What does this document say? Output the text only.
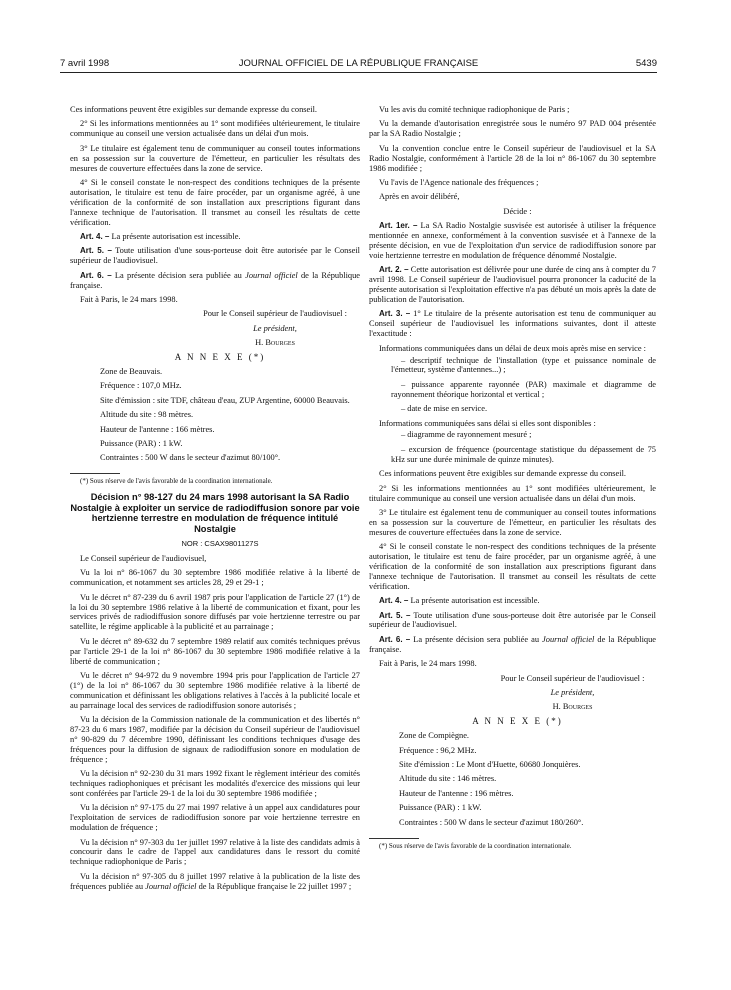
7 avril 1998	JOURNAL OFFICIEL DE LA RÉPUBLIQUE FRANÇAISE	5439

Ces informations peuvent être exigibles sur demande expresse du conseil.

2° Si les informations mentionnées au 1° sont modifiées ultérieurement, le titulaire communique au conseil une version actualisée dans un délai d'un mois.

3° Le titulaire est également tenu de communiquer au conseil toutes informations en sa possession sur la couverture de l'émetteur, en particulier les résultats des mesures de couverture effectuées dans la zone de service.

4° Si le conseil constate le non-respect des conditions techniques de la présente autorisation, le titulaire est tenu de faire procéder, par un organisme agréé, à une vérification de la conformité de son installation aux prescriptions figurant dans l'annexe technique de l'autorisation. Il transmet au conseil les résultats de cette vérification.

Art. 4. – La présente autorisation est incessible.

Art. 5. – Toute utilisation d'une sous-porteuse doit être autorisée par le Conseil supérieur de l'audiovisuel.

Art. 6. – La présente décision sera publiée au Journal officiel de la République française.

Fait à Paris, le 24 mars 1998.

Pour le Conseil supérieur de l'audiovisuel :

Le président,

H. Bourges

A N N E X E (*)

Zone de Beauvais.

Fréquence : 107,0 MHz.

Site d'émission : site TDF, château d'eau, ZUP Argentine, 60000 Beauvais.

Altitude du site : 98 mètres.

Hauteur de l'antenne : 166 mètres.

Puissance (PAR) : 1 kW.

Contraintes : 500 W dans le secteur d'azimut 80/100°.

(*) Sous réserve de l'avis favorable de la coordination internationale.

Décision n° 98-127 du 24 mars 1998 autorisant la SA Radio Nostalgie à exploiter un service de radiodiffusion sonore par voie hertzienne terrestre en modulation de fréquence intitulé Nostalgie

NOR : CSAX9801127S

Le Conseil supérieur de l'audiovisuel,

Vu la loi n° 86-1067 du 30 septembre 1986 modifiée relative à la liberté de communication, et notamment ses articles 28, 29 et 29-1 ;

Vu le décret n° 87-239 du 6 avril 1987 pris pour l'application de l'article 27 (1°) de la loi du 30 septembre 1986 relative à la liberté de communication et fixant, pour les services privés de radiodiffusion sonore diffusés par voie hertzienne terrestre ou par satellite, le régime applicable à la publicité et au parrainage ;

Vu le décret n° 89-632 du 7 septembre 1989 relatif aux comités techniques prévus par l'article 29-1 de la loi n° 86-1067 du 30 septembre 1986 modifiée relative à la liberté de communication ;

Vu le décret n° 94-972 du 9 novembre 1994 pris pour l'application de l'article 27 (1°) de la loi n° 86-1067 du 30 septembre 1986 modifiée relative à la liberté de communication et définissant les obligations relatives à l'accès à la publicité locale et au parrainage local des services de radiodiffusion sonore autorisés ;

Vu la décision de la Commission nationale de la communication et des libertés n° 87-23 du 6 mars 1987, modifiée par la décision du Conseil supérieur de l'audiovisuel n° 90-829 du 7 décembre 1990, définissant les conditions techniques d'usage des fréquences pour la diffusion de signaux de radiodiffusion sonore en modulation de fréquence ;

Vu la décision n° 92-230 du 31 mars 1992 fixant le règlement intérieur des comités techniques radiophoniques et précisant les modalités d'exercice des missions qui leur sont conférées par l'article 29-1 de la loi du 30 septembre 1986 modifiée ;

Vu la décision n° 97-175 du 27 mai 1997 relative à un appel aux candidatures pour l'exploitation de services de radiodiffusion sonore par voie hertzienne terrestre en modulation de fréquence ;

Vu la décision n° 97-303 du 1er juillet 1997 relative à la liste des candidats admis à concourir dans le cadre de l'appel aux candidatures dans le ressort du comité technique radiophonique de Paris ;

Vu la décision n° 97-305 du 8 juillet 1997 relative à la publication de la liste des fréquences publiée au Journal officiel de la République française le 22 juillet 1997 ;

Vu les avis du comité technique radiophonique de Paris ;

Vu la demande d'autorisation enregistrée sous le numéro 97 PAD 004 présentée par la SA Radio Nostalgie ;

Vu la convention conclue entre le Conseil supérieur de l'audiovisuel et la SA Radio Nostalgie, conformément à l'article 28 de la loi n° 86-1067 du 30 septembre 1986 modifiée ;

Vu l'avis de l'Agence nationale des fréquences ;

Après en avoir délibéré,

Décide :

Art. 1er. – La SA Radio Nostalgie susvisée est autorisée à utiliser la fréquence mentionnée en annexe, conformément à la convention susvisée et à l'annexe de la présente décision, en vue de l'exploitation d'un service de radiodiffusion sonore par voie hertzienne terrestre en modulation de fréquence dénommé Nostalgie.

Art. 2. – Cette autorisation est délivrée pour une durée de cinq ans à compter du 7 avril 1998. Le Conseil supérieur de l'audiovisuel pourra prononcer la caducité de la présente autorisation si l'exploitation effective n'a pas débuté un mois après la date de publication de l'autorisation.

Art. 3. – 1° Le titulaire de la présente autorisation est tenu de communiquer au Conseil supérieur de l'audiovisuel les informations suivantes, dont il atteste l'exactitude :

Informations communiquées dans un délai de deux mois après mise en service :

– descriptif technique de l'installation (type et puissance nominale de l'émetteur, système d'antennes...) ;

– puissance apparente rayonnée (PAR) maximale et diagramme de rayonnement théorique horizontal et vertical ;

– date de mise en service.

Informations communiquées sans délai si elles sont disponibles :

– diagramme de rayonnement mesuré ;

– excursion de fréquence (pourcentage statistique du dépassement de 75 kHz sur une durée minimale de quinze minutes).

Ces informations peuvent être exigibles sur demande expresse du conseil.

2° Si les informations mentionnées au 1° sont modifiées ultérieurement, le titulaire communique au conseil une version actualisée dans un délai d'un mois.

3° Le titulaire est également tenu de communiquer au conseil toutes informations en sa possession sur la couverture de l'émetteur, en particulier les résultats des mesures de couverture effectuées dans la zone de service.

4° Si le conseil constate le non-respect des conditions techniques de la présente autorisation, le titulaire est tenu de faire procéder, par un organisme agréé, à une vérification de la conformité de son installation aux prescriptions figurant dans l'annexe technique de l'autorisation. Il transmet au conseil les résultats de cette vérification.

Art. 4. – La présente autorisation est incessible.

Art. 5. – Toute utilisation d'une sous-porteuse doit être autorisée par le Conseil supérieur de l'audiovisuel.

Art. 6. – La présente décision sera publiée au Journal officiel de la République française.

Fait à Paris, le 24 mars 1998.

Pour le Conseil supérieur de l'audiovisuel :

Le président,

H. Bourges

A N N E X E (*)

Zone de Compiègne.

Fréquence : 96,2 MHz.

Site d'émission : Le Mont d'Huette, 60680 Jonquières.

Altitude du site : 146 mètres.

Hauteur de l'antenne : 196 mètres.

Puissance (PAR) : 1 kW.

Contraintes : 500 W dans le secteur d'azimut 180/260°.

(*) Sous réserve de l'avis favorable de la coordination internationale.
